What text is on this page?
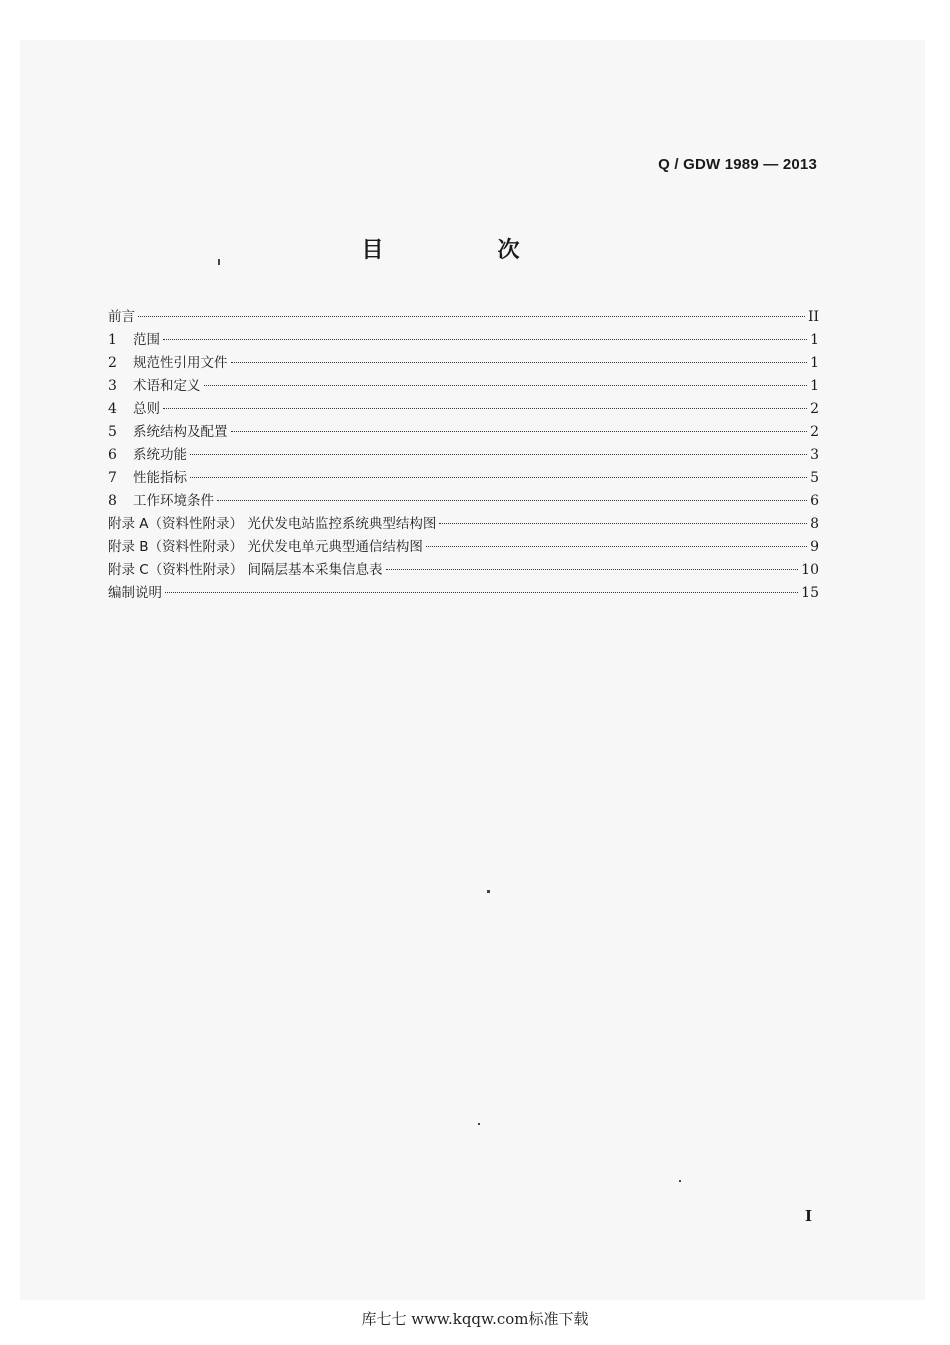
Q / GDW 1989 — 2013
目　次
前言	II
1	范围	1
2	规范性引用文件	1
3	术语和定义	1
4	总则	2
5	系统结构及配置	2
6	系统功能	3
7	性能指标	5
8	工作环境条件	6
附录 A（资料性附录） 光伏发电站监控系统典型结构图	8
附录 B（资料性附录） 光伏发电单元典型通信结构图	9
附录 C（资料性附录） 间隔层基本采集信息表	10
编制说明	15
I
库七七 www.kqqw.com标准下载
